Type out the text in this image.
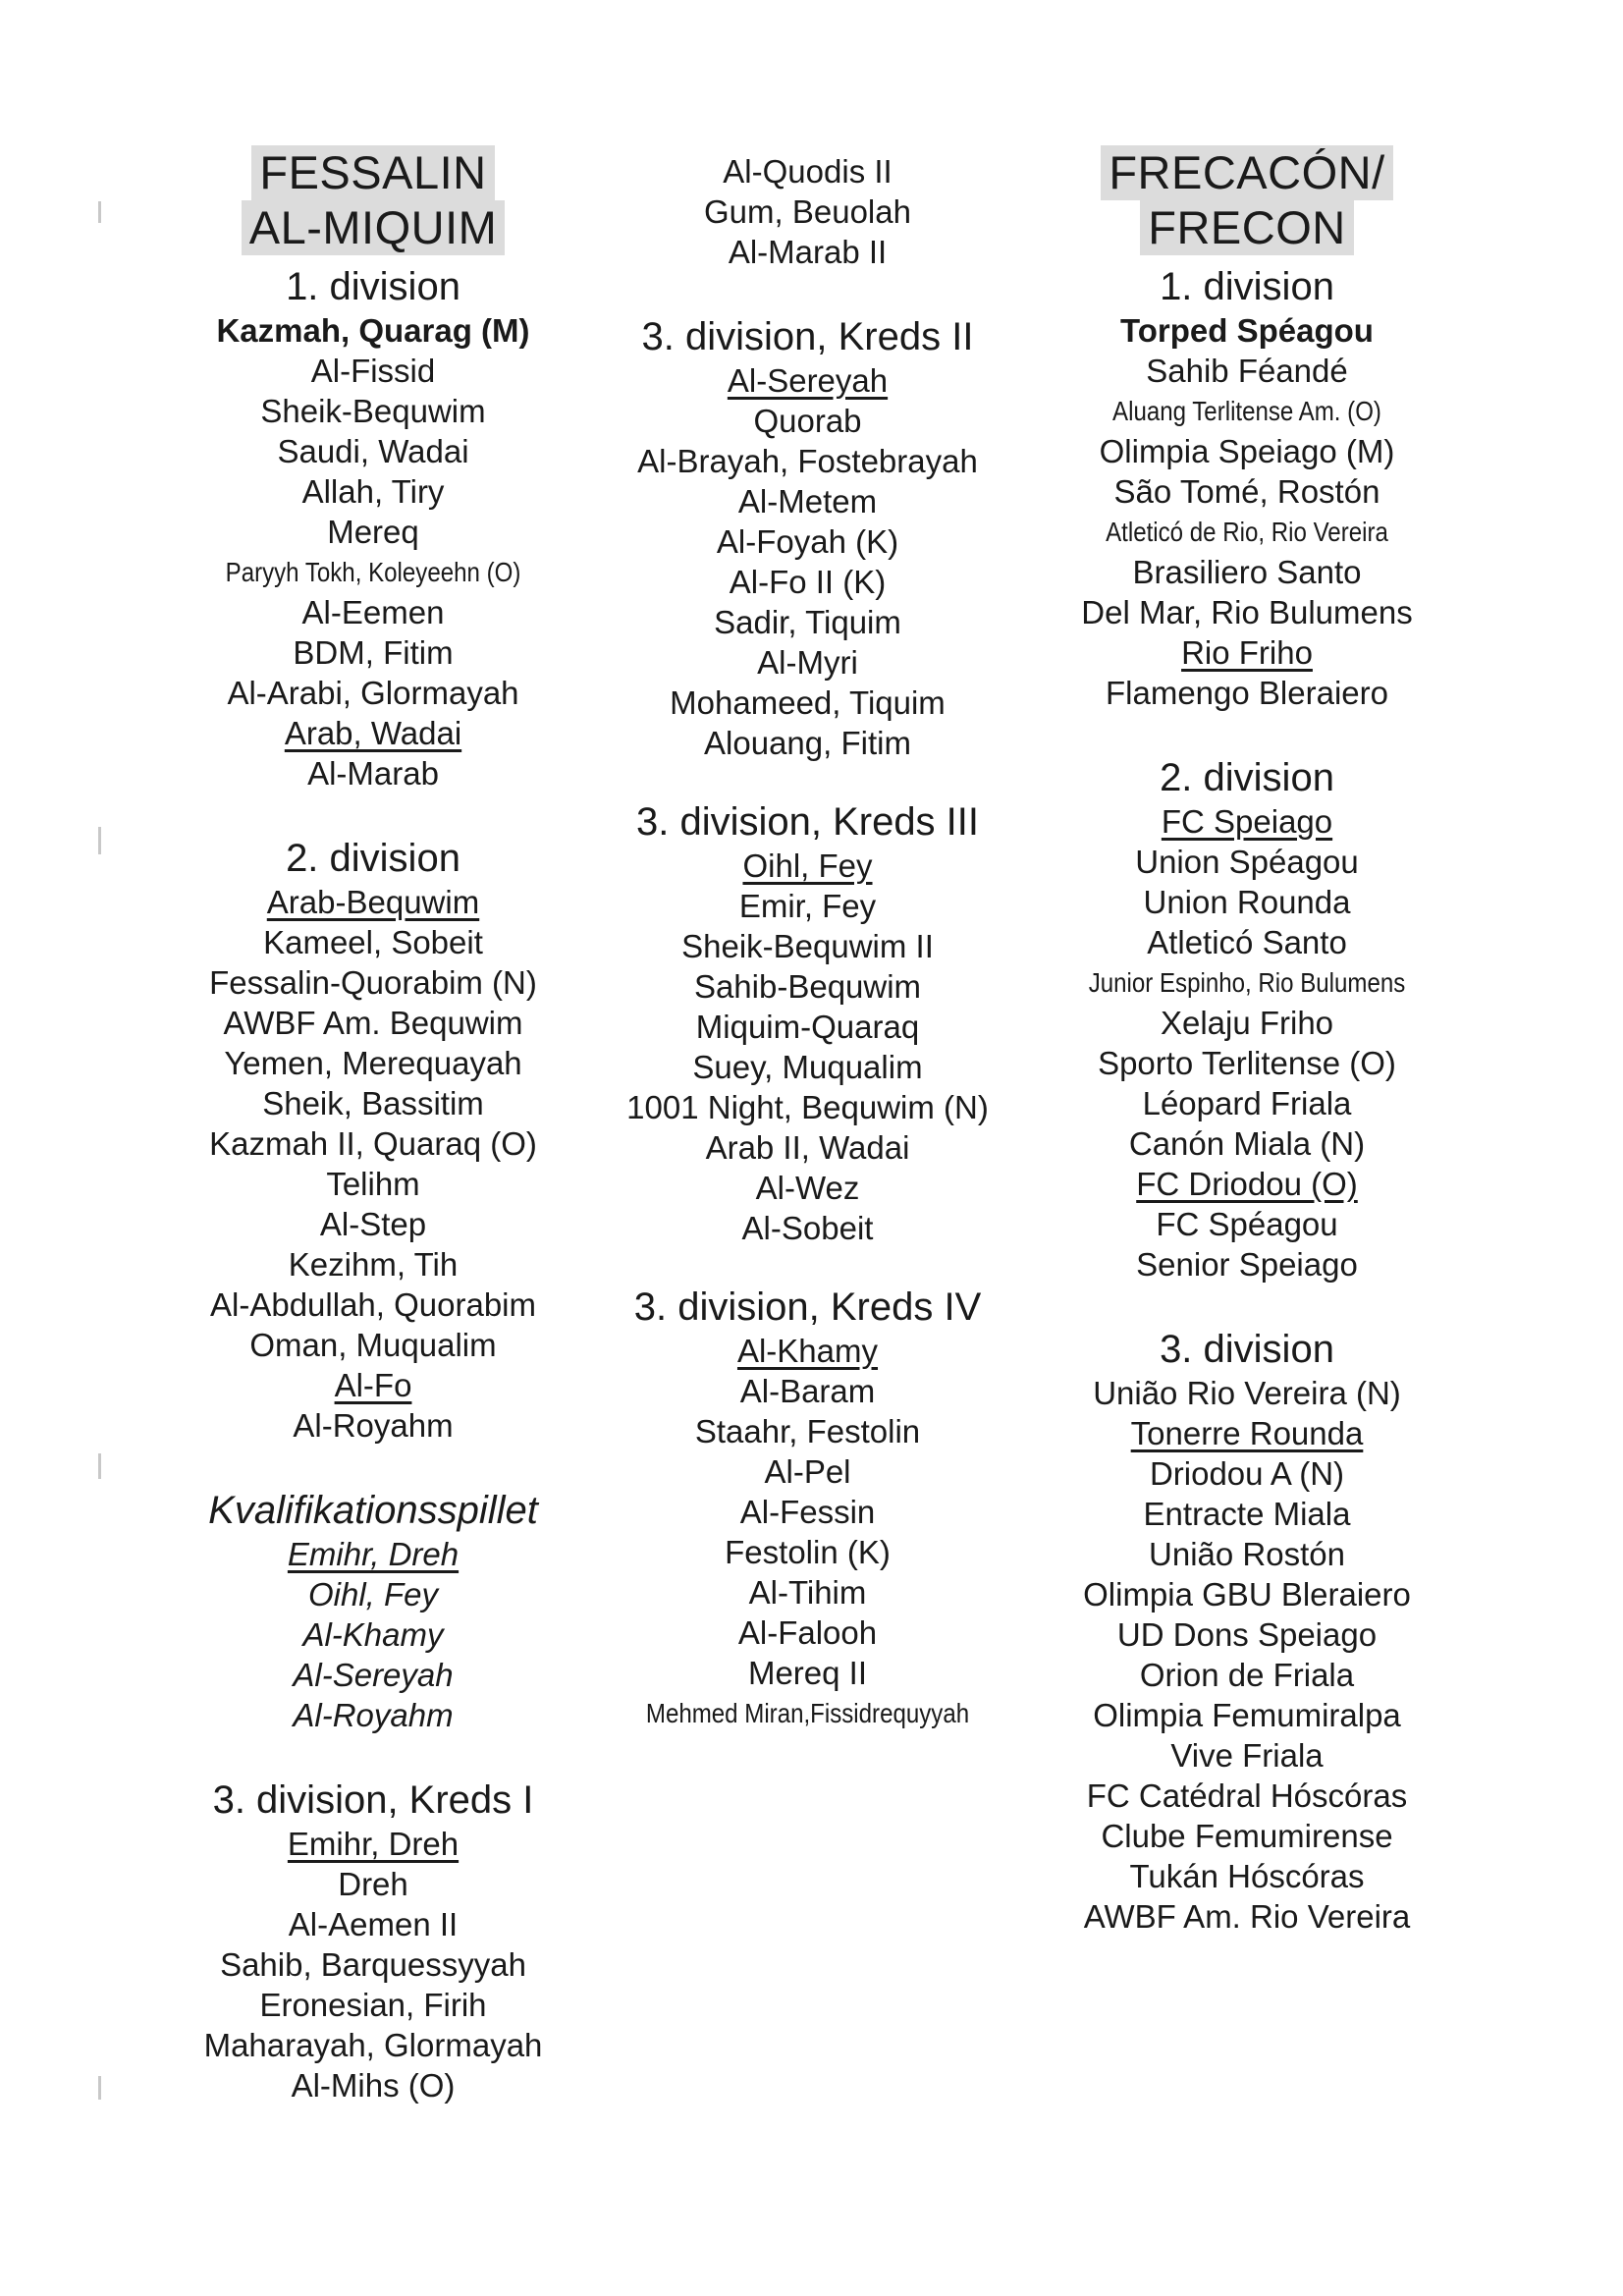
FESSALIN
AL-MIQUIM

1. division

Kazmah, Quarag (M)

Al-Fissid

Sheik-Bequwim

Saudi, Wadai

Allah, Tiry

Mereq

Paryyh Tokh, Koleyeehn (O)

Al-Eemen

BDM, Fitim

Al-Arabi, Glormayah

Arab, Wadai

Al-Marab

2. division

Arab-Bequwim

Kameel, Sobeit

Fessalin-Quorabim (N)

AWBF Am. Bequwim

Yemen, Merequayah

Sheik, Bassitim

Kazmah II, Quaraq (O)

Telihm

Al-Step

Kezihm, Tih

Al-Abdullah, Quorabim

Oman, Muqualim

Al-Fo

Al-Royahm

Kvalifikationsspillet

Emihr, Dreh

Oihl, Fey

Al-Khamy

Al-Sereyah

Al-Royahm

3. division, Kreds I

Emihr, Dreh

Dreh

Al-Aemen II

Sahib, Barquessyyah

Eronesian, Firih

Maharayah, Glormayah

Al-Mihs (O)

Al-Quodis II

Gum, Beuolah

Al-Marab II

3. division, Kreds II

Al-Sereyah

Quorab

Al-Brayah, Fostebrayah

Al-Metem

Al-Foyah (K)

Al-Fo II (K)

Sadir, Tiquim

Al-Myri

Mohameed, Tiquim

Alouang, Fitim

3. division, Kreds III

Oihl, Fey

Emir, Fey

Sheik-Bequwim II

Sahib-Bequwim

Miquim-Quaraq

Suey, Muqualim

1001 Night, Bequwim (N)

Arab II, Wadai

Al-Wez

Al-Sobeit

3. division, Kreds IV

Al-Khamy

Al-Baram

Staahr, Festolin

Al-Pel

Al-Fessin

Festolin (K)

Al-Tihim

Al-Falooh

Mereq II

Mehmed Miran,Fissidrequyyah

FRECACÓN/
FRECON

1. division

Torped Spéagou

Sahib Féandé

Aluang Terlitense Am. (O)

Olimpia Speiago (M)

São Tomé, Rostón

Atleticó de Rio, Rio Vereira

Brasiliero Santo

Del Mar, Rio Bulumens

Rio Friho

Flamengo Bleraiero

2. division

FC Speiago

Union Spéagou

Union Rounda

Atleticó Santo

Junior Espinho, Rio Bulumens

Xelaju Friho

Sporto Terlitense (O)

Léopard Friala

Canón Miala (N)

FC Driodou (O)

FC Spéagou

Senior Speiago

3. division

União Rio Vereira (N)

Tonerre Rounda

Driodou A (N)

Entracte Miala

União Rostón

Olimpia GBU Bleraiero

UD Dons Speiago

Orion de Friala

Olimpia Femumiralpa

Vive Friala

FC Catédral Hóscóras

Clube Femumirense

Tukán Hóscóras

AWBF Am. Rio Vereira
